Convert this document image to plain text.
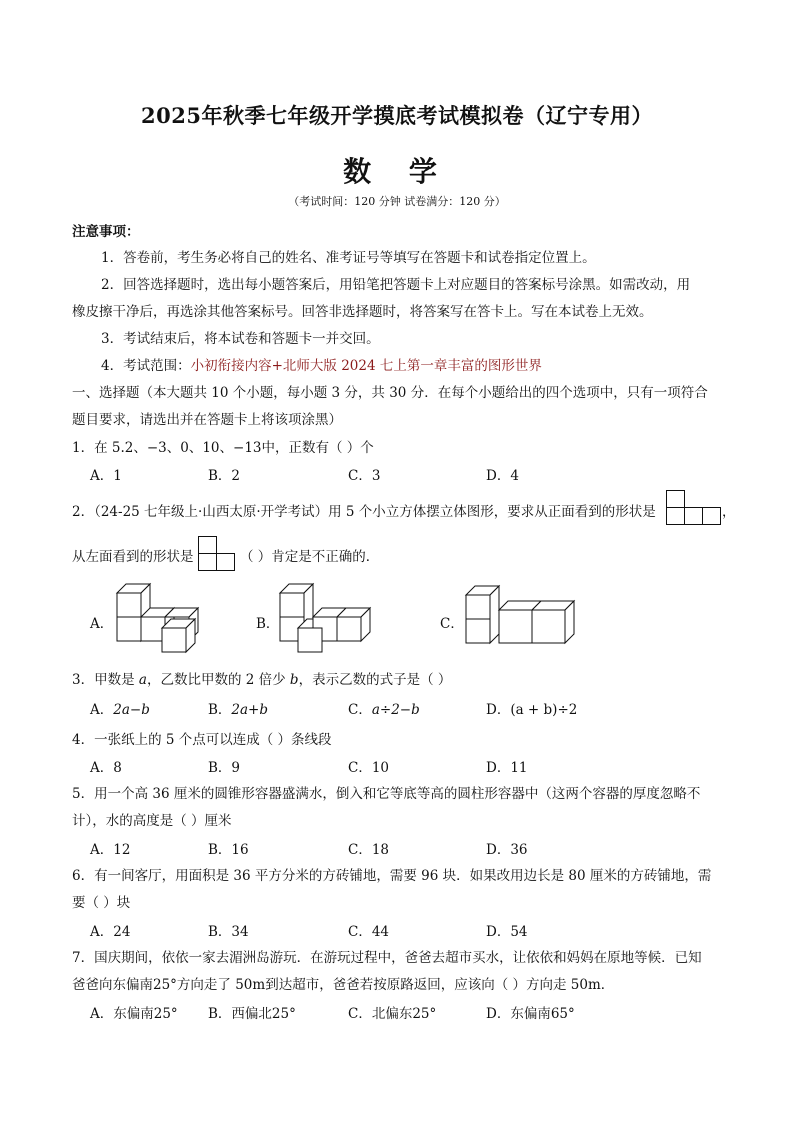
2025年秋季七年级开学摸底考试模拟卷（辽宁专用）
数 学
（考试时间：120 分钟 试卷满分：120 分）
注意事项：
1．答卷前，考生务必将自己的姓名、准考证号等填写在答题卡和试卷指定位置上。
2．回答选择题时，选出每小题答案后，用铅笔把答题卡上对应题目的答案标号涂黑。如需改动，用
橡皮擦干净后，再选涂其他答案标号。回答非选择题时，将答案写在答卡上。写在本试卷上无效。
3．考试结束后，将本试卷和答题卡一并交回。
4．考试范围：小初衔接内容+北师大版 2024 七上第一章丰富的图形世界
一、选择题（本大题共 10 个小题，每小题 3 分，共 30 分．在每个小题给出的四个选项中，只有一项符合
题目要求，请选出并在答题卡上将该项涂黑）
1．在 5.2、−3、0、10、−13中，正数有（ ）个
A．1	B．2	C．3	D．4
2．（24-25 七年级上·山西太原·开学考试）用 5 个小立方体摆立体图形，要求从正面看到的形状是	，
从左面看到的形状是	（ ）肯定是不正确的．
A．	B．	C．
3．甲数是 a，乙数比甲数的 2 倍少 b，表示乙数的式子是（ ）
A．2a−b	B．2a+b	C．a÷2−b	D．(a + b)÷2
4．一张纸上的 5 个点可以连成（ ）条线段
A．8	B．9	C．10	D．11
5．用一个高 36 厘米的圆锥形容器盛满水，倒入和它等底等高的圆柱形容器中（这两个容器的厚度忽略不
计），水的高度是（ ）厘米
A．12	B．16	C．18	D．36
6．有一间客厅，用面积是 36 平方分米的方砖铺地，需要 96 块．如果改用边长是 80 厘米的方砖铺地，需
要（ ）块
A．24	B．34	C．44	D．54
7．国庆期间，依依一家去湄洲岛游玩．在游玩过程中，爸爸去超市买水，让依依和妈妈在原地等候．已知
爸爸向东偏南25°方向走了 50m到达超市，爸爸若按原路返回，应该向（ ）方向走 50m．
A．东偏南25° B．西偏北25°	C．北偏东25°	D．东偏南65°
